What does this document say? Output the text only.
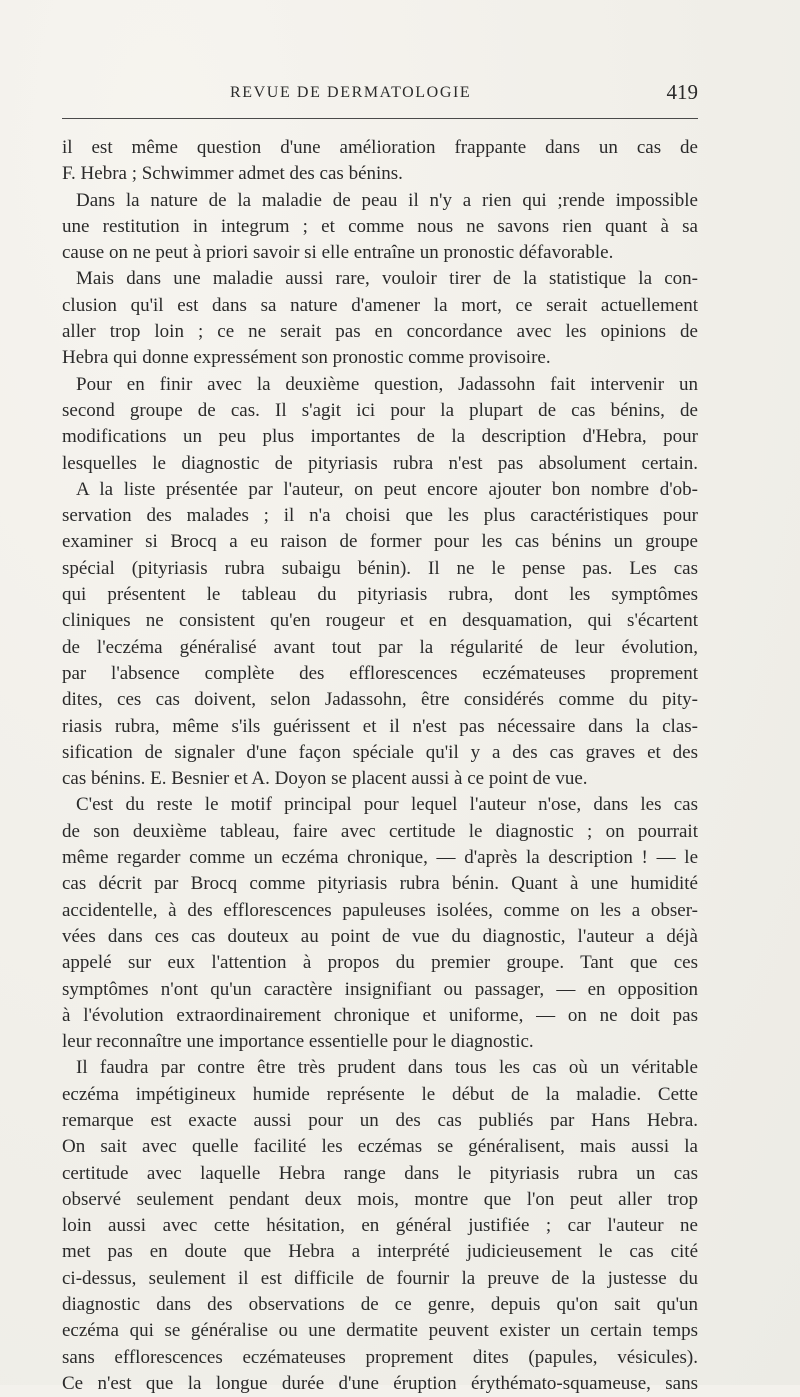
REVUE DE DERMATOLOGIE	419
il est même question d'une amélioration frappante dans un cas de
F. Hebra ; Schwimmer admet des cas bénins.
Dans la nature de la maladie de peau il n'y a rien qui ;rende impossible
une restitution in integrum ; et comme nous ne savons rien quant à sa
cause on ne peut à priori savoir si elle entraîne un pronostic défavorable.
Mais dans une maladie aussi rare, vouloir tirer de la statistique la con-
clusion qu'il est dans sa nature d'amener la mort, ce serait actuellement
aller trop loin ; ce ne serait pas en concordance avec les opinions de
Hebra qui donne expressément son pronostic comme provisoire.
Pour en finir avec la deuxième question, Jadassohn fait intervenir un
second groupe de cas. Il s'agit ici pour la plupart de cas bénins, de
modifications un peu plus importantes de la description d'Hebra, pour
lesquelles le diagnostic de pityriasis rubra n'est pas absolument certain.
A la liste présentée par l'auteur, on peut encore ajouter bon nombre d'ob-
servation des malades ; il n'a choisi que les plus caractéristiques pour
examiner si Brocq a eu raison de former pour les cas bénins un groupe
spécial (pityriasis rubra subaigu bénin). Il ne le pense pas. Les cas
qui présentent le tableau du pityriasis rubra, dont les symptômes
cliniques ne consistent qu'en rougeur et en desquamation, qui s'écartent
de l'eczéma généralisé avant tout par la régularité de leur évolution,
par l'absence complète des efflorescences eczémateuses proprement
dites, ces cas doivent, selon Jadassohn, être considérés comme du pity-
riasis rubra, même s'ils guérissent et il n'est pas nécessaire dans la clas-
sification de signaler d'une façon spéciale qu'il y a des cas graves et des
cas bénins. E. Besnier et A. Doyon se placent aussi à ce point de vue.
C'est du reste le motif principal pour lequel l'auteur n'ose, dans les cas
de son deuxième tableau, faire avec certitude le diagnostic ; on pourrait
même regarder comme un eczéma chronique, — d'après la description ! — le
cas décrit par Brocq comme pityriasis rubra bénin. Quant à une humidité
accidentelle, à des efflorescences papuleuses isolées, comme on les a obser-
vées dans ces cas douteux au point de vue du diagnostic, l'auteur a déjà
appelé sur eux l'attention à propos du premier groupe. Tant que ces
symptômes n'ont qu'un caractère insignifiant ou passager, — en opposition
à l'évolution extraordinairement chronique et uniforme, — on ne doit pas
leur reconnaître une importance essentielle pour le diagnostic.
Il faudra par contre être très prudent dans tous les cas où un véritable
eczéma impétigineux humide représente le début de la maladie. Cette
remarque est exacte aussi pour un des cas publiés par Hans Hebra.
On sait avec quelle facilité les eczémas se généralisent, mais aussi la
certitude avec laquelle Hebra range dans le pityriasis rubra un cas
observé seulement pendant deux mois, montre que l'on peut aller trop
loin aussi avec cette hésitation, en général justifiée ; car l'auteur ne
met pas en doute que Hebra a interprété judicieusement le cas cité
ci-dessus, seulement il est difficile de fournir la preuve de la justesse du
diagnostic dans des observations de ce genre, depuis qu'on sait qu'un
eczéma qui se généralise ou une dermatite peuvent exister un certain temps
sans efflorescences eczémateuses proprement dites (papules, vésicules).
Ce n'est que la longue durée d'une éruption érythémato-squameuse, sans
